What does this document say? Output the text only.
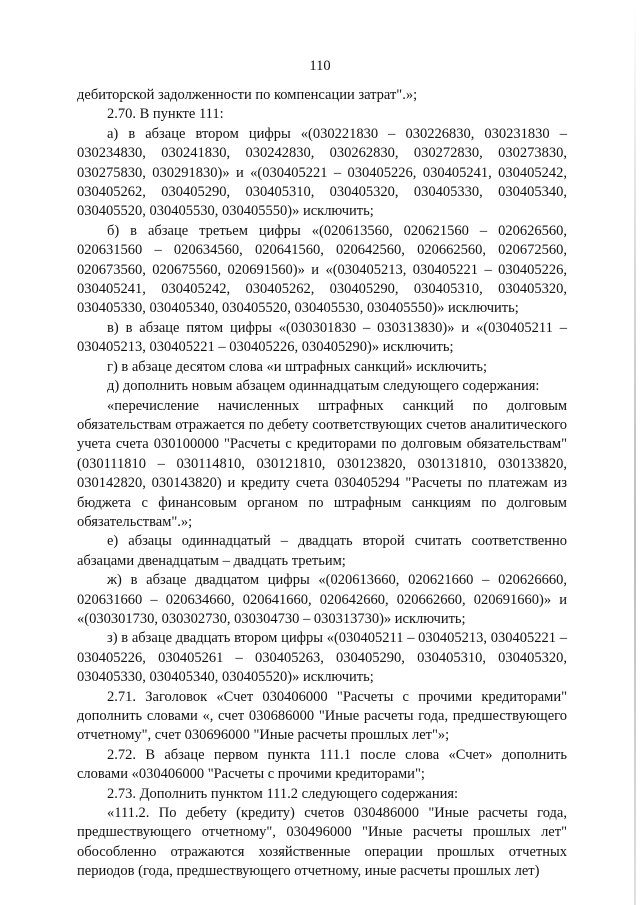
110

дебиторской задолженности по компенсации затрат".»;

2.70. В пункте 111:

а) в абзаце втором цифры «(030221830 – 030226830, 030231830 – 030234830, 030241830, 030242830, 030262830, 030272830, 030273830, 030275830, 030291830)» и «(030405221 – 030405226, 030405241, 030405242, 030405262, 030405290, 030405310, 030405320, 030405330, 030405340, 030405520, 030405530, 030405550)» исключить;

б) в абзаце третьем цифры «(020613560, 020621560 – 020626560, 020631560 – 020634560, 020641560, 020642560, 020662560, 020672560, 020673560, 020675560, 020691560)» и «(030405213, 030405221 – 030405226, 030405241, 030405242, 030405262, 030405290, 030405310, 030405320, 030405330, 030405340, 030405520, 030405530, 030405550)» исключить;

в) в абзаце пятом цифры «(030301830 – 030313830)» и «(030405211 – 030405213, 030405221 – 030405226, 030405290)» исключить;

г) в абзаце десятом слова «и штрафных санкций» исключить;

д) дополнить новым абзацем одиннадцатым следующего содержания:

«перечисление начисленных штрафных санкций по долговым обязательствам отражается по дебету соответствующих счетов аналитического учета счета 030100000 "Расчеты с кредиторами по долговым обязательствам" (030111810 – 030114810, 030121810, 030123820, 030131810, 030133820, 030142820, 030143820) и кредиту счета 030405294 "Расчеты по платежам из бюджета с финансовым органом по штрафным санкциям по долговым обязательствам".»;

е) абзацы одиннадцатый – двадцать второй считать соответственно абзацами двенадцатым – двадцать третьим;

ж) в абзаце двадцатом цифры «(020613660, 020621660 – 020626660, 020631660 – 020634660, 020641660, 020642660, 020662660, 020691660)» и «(030301730, 030302730, 030304730 – 030313730)» исключить;

з) в абзаце двадцать втором цифры «(030405211 – 030405213, 030405221 – 030405226, 030405261 – 030405263, 030405290, 030405310, 030405320, 030405330, 030405340, 030405520)» исключить;

2.71. Заголовок «Счет 030406000 "Расчеты с прочими кредиторами" дополнить словами «, счет 030686000 "Иные расчеты года, предшествующего отчетному", счет 030696000 "Иные расчеты прошлых лет"»;

2.72. В абзаце первом пункта 111.1 после слова «Счет» дополнить словами «030406000 "Расчеты с прочими кредиторами";

2.73. Дополнить пунктом 111.2 следующего содержания:

«111.2. По дебету (кредиту) счетов 030486000 "Иные расчеты года, предшествующего отчетному", 030496000 "Иные расчеты прошлых лет" обособленно отражаются хозяйственные операции прошлых отчетных периодов (года, предшествующего отчетному, иные расчеты прошлых лет)
